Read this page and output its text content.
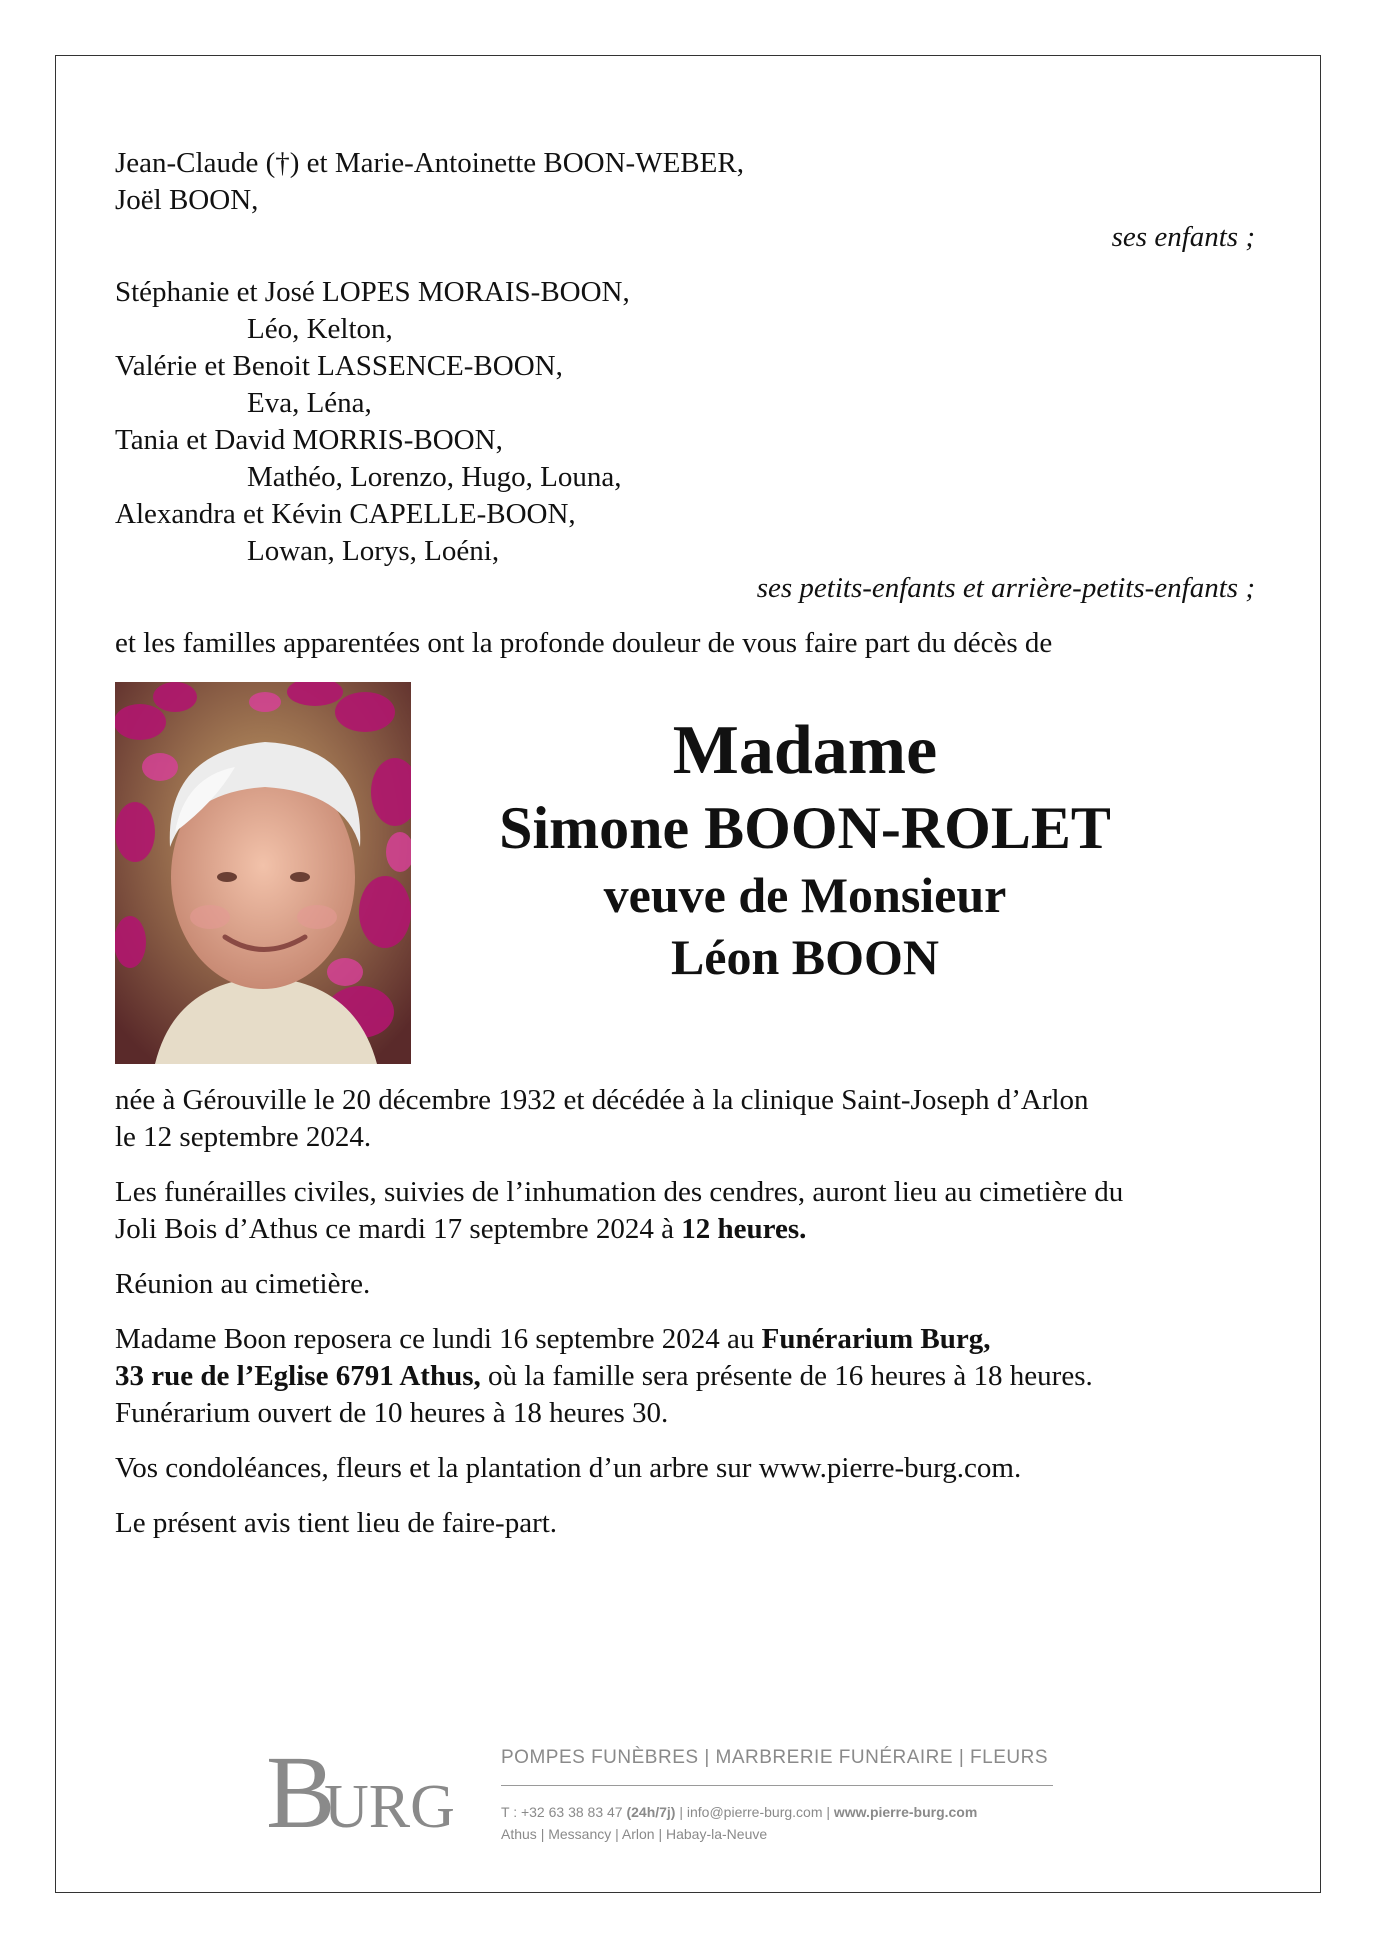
Jean-Claude (†) et Marie-Antoinette BOON-WEBER,
Joël BOON,
ses enfants ;
Stéphanie et José LOPES MORAIS-BOON,
Léo, Kelton,
Valérie et Benoit LASSENCE-BOON,
Eva, Léna,
Tania et David MORRIS-BOON,
Mathéo, Lorenzo, Hugo, Louna,
Alexandra et Kévin CAPELLE-BOON,
Lowan, Lorys, Loéni,
ses petits-enfants et arrière-petits-enfants ;
et les familles apparentées ont la profonde douleur de vous faire part du décès de
Madame
Simone BOON-ROLET
veuve de Monsieur
Léon BOON
née à Gérouville le 20 décembre 1932 et décédée à la clinique Saint-Joseph d’Arlon
le 12 septembre 2024.
Les funérailles civiles, suivies de l’inhumation des cendres, auront lieu au cimetière du
Joli Bois d’Athus ce mardi 17 septembre 2024 à 12 heures.
Réunion au cimetière.
Madame Boon reposera ce lundi 16 septembre 2024 au Funérarium Burg,
33 rue de l’Eglise 6791 Athus, où la famille sera présente de 16 heures à 18 heures.
Funérarium ouvert de 10 heures à 18 heures 30.
Vos condoléances, fleurs et la plantation d’un arbre sur www.pierre-burg.com.
Le présent avis tient lieu de faire-part.
B
URG
POMPES FUNÈBRES | MARBRERIE FUNÉRAIRE | FLEURS
T : +32 63 38 83 47 (24h/7j) | info@pierre-burg.com | www.pierre-burg.com
Athus | Messancy | Arlon | Habay-la-Neuve
